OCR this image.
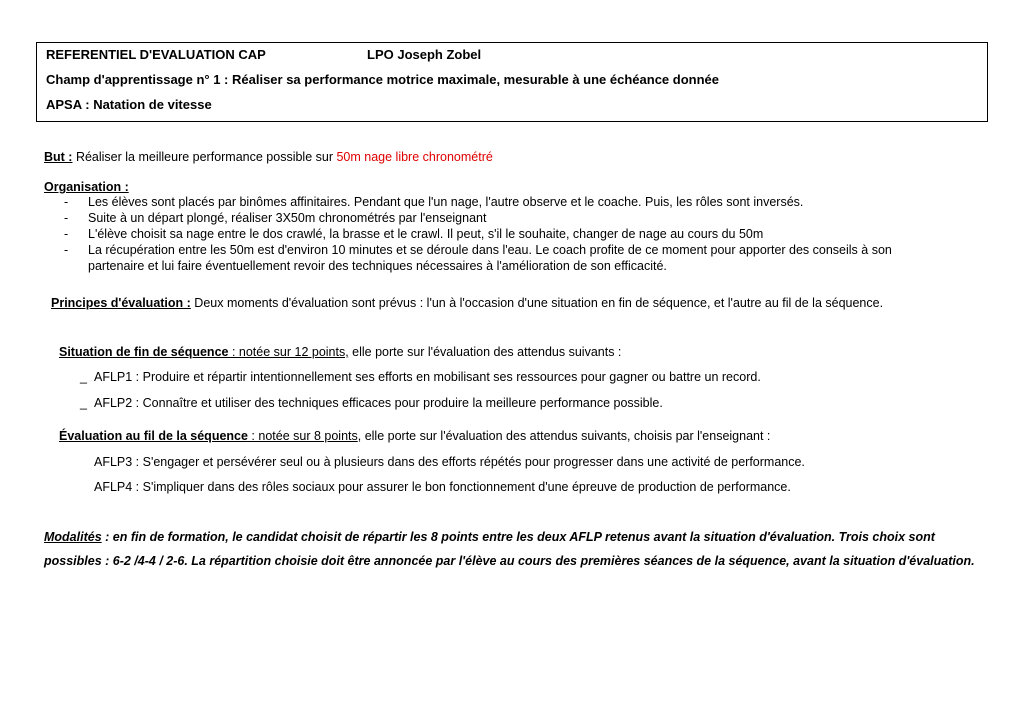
REFERENTIEL D'EVALUATION CAP	LPO Joseph Zobel
Champ d'apprentissage n° 1 : Réaliser sa performance motrice maximale, mesurable à une échéance donnée
APSA : Natation de vitesse
But : Réaliser la meilleure performance possible sur 50m nage libre chronométré
Organisation :
- Les élèves sont placés par binômes affinitaires. Pendant que l'un nage, l'autre observe et le coache. Puis, les rôles sont inversés.
- Suite à un départ plongé, réaliser 3X50m chronométrés par l'enseignant
- L'élève choisit sa nage entre le dos crawlé, la brasse et le crawl. Il peut, s'il le souhaite, changer de nage au cours du 50m
- La récupération entre les 50m est d'environ 10 minutes et se déroule dans l'eau. Le coach profite de ce moment pour apporter des conseils à son
partenaire et lui faire éventuellement revoir des techniques nécessaires à l'amélioration de son efficacité.
Principes d'évaluation : Deux moments d'évaluation sont prévus : l'un à l'occasion d'une situation en fin de séquence, et l'autre au fil de la séquence.
Situation de fin de séquence : notée sur 12 points, elle porte sur l'évaluation des attendus suivants :
_ AFLP1 : Produire et répartir intentionnellement ses efforts en mobilisant ses ressources pour gagner ou battre un record.
_ AFLP2 : Connaître et utiliser des techniques efficaces pour produire la meilleure performance possible.
Évaluation au fil de la séquence : notée sur 8 points, elle porte sur l'évaluation des attendus suivants, choisis par l'enseignant :
AFLP3 : S'engager et persévérer seul ou à plusieurs dans des efforts répétés pour progresser dans une activité de performance.
AFLP4 : S'impliquer dans des rôles sociaux pour assurer le bon fonctionnement d'une épreuve de production de performance.
Modalités : en fin de formation, le candidat choisit de répartir les 8 points entre les deux AFLP retenus avant la situation d'évaluation. Trois choix sont
possibles : 6-2 /4-4 / 2-6. La répartition choisie doit être annoncée par l'élève au cours des premières séances de la séquence, avant la situation d'évaluation.
